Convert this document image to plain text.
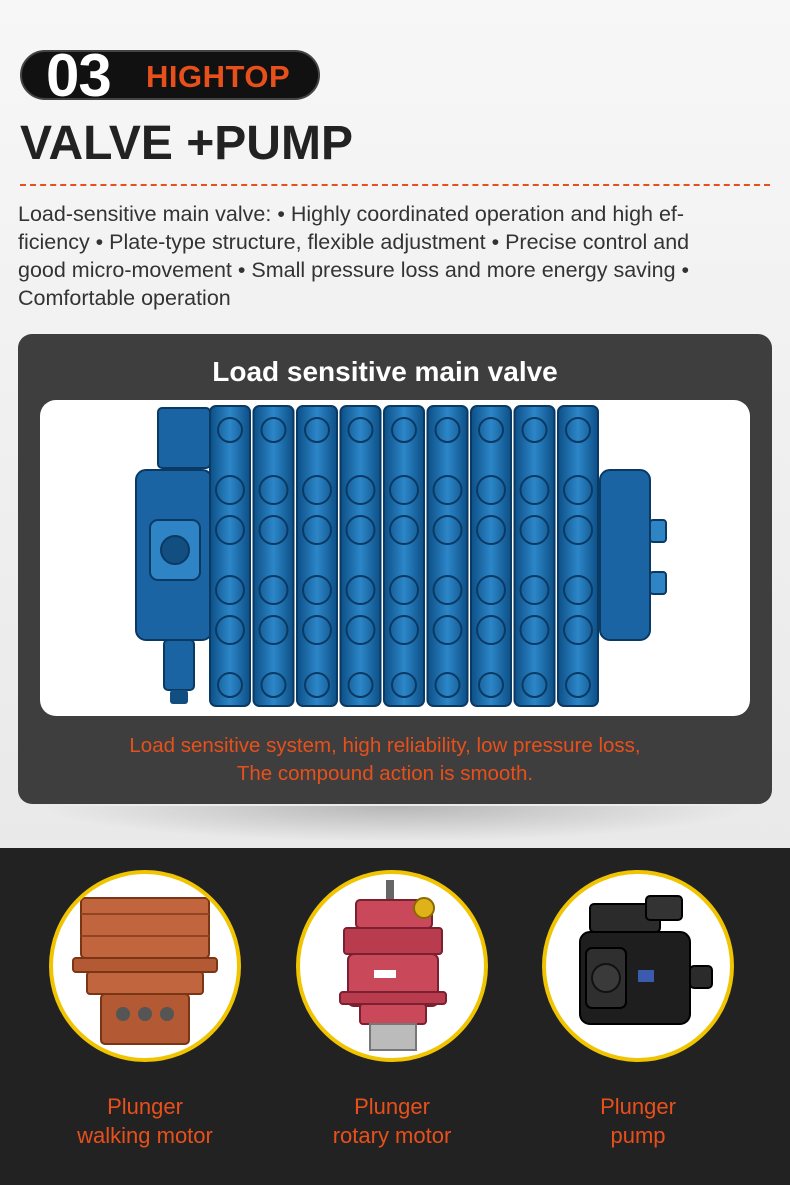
03 HIGHTOP
VALVE +PUMP
Load-sensitive main valve: • Highly coordinated operation and high ef-
ficiency • Plate-type structure, flexible adjustment • Precise control and
good micro-movement • Small pressure loss and more energy saving •
Comfortable operation
Load sensitive main valve
Load sensitive system, high reliability, low pressure loss,
The compound action is smooth.
Plunger
walking motor
Plunger
rotary motor
Plunger
pump
